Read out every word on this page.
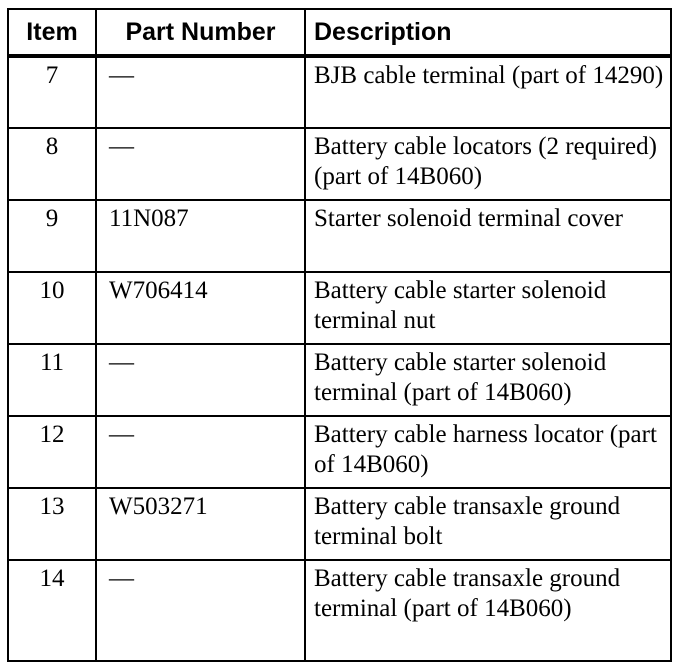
Item	Part Number	Description
7	—	BJB cable terminal (part of 14290)
8	—	Battery cable locators (2 required) (part of 14B060)
9	11N087	Starter solenoid terminal cover
10	W706414	Battery cable starter solenoid terminal nut
11	—	Battery cable starter solenoid terminal (part of 14B060)
12	—	Battery cable harness locator (part of 14B060)
13	W503271	Battery cable transaxle ground terminal bolt
14	—	Battery cable transaxle ground terminal (part of 14B060)
